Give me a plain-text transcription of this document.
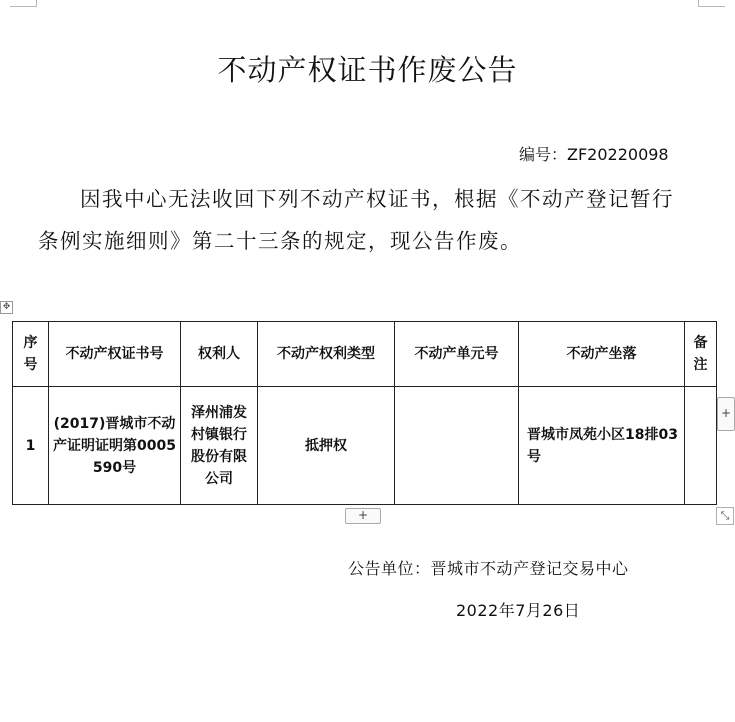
不动产权证书作废公告
编号：ZF20220098
因我中心无法收回下列不动产权证书，根据《不动产登记暂行条例实施细则》第二十三条的规定，现公告作废。
✥
序号	不动产权证书号	权利人	不动产权利类型	不动产单元号	不动产坐落	备注
1	(2017)晋城市不动产证明证明第0005590号	泽州浦发村镇银行股份有限公司	抵押权		晋城市凤苑小区18排03号	
+
+	⤡
公告单位：晋城市不动产登记交易中心
2022年7月26日
